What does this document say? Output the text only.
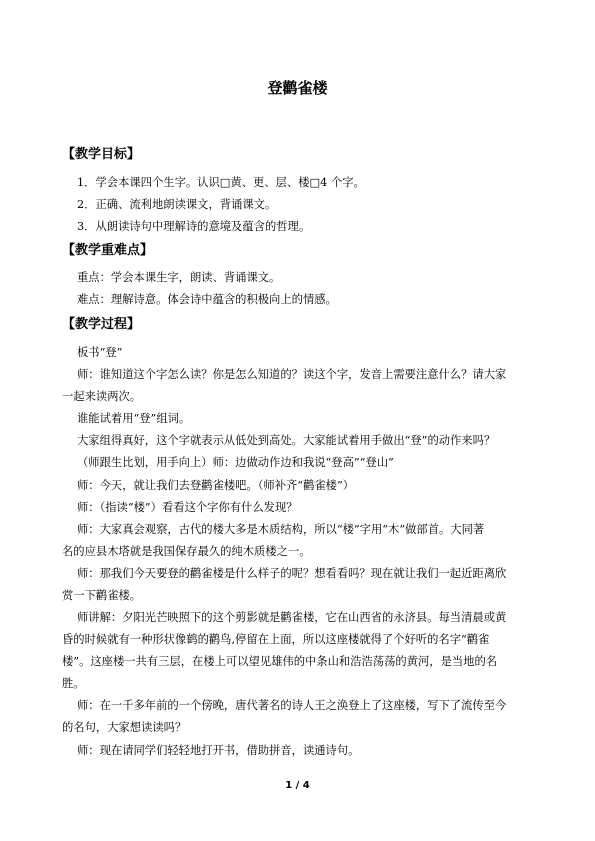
登鹳雀楼
【教学目标】
1．学会本课四个生字。认识□黄、更、层、楼□4 个字。
2．正确、流利地朗读课文，背诵课文。
3．从朗读诗句中理解诗的意境及蕴含的哲理。
【教学重难点】
重点：学会本课生字，朗读、背诵课文。
难点：理解诗意。体会诗中蕴含的积极向上的情感。
【教学过程】
板书“登”
师：谁知道这个字怎么读？你是怎么知道的？读这个字，发音上需要注意什么？请大家
一起来读两次。
谁能试着用“登”组词。
大家组得真好，这个字就表示从低处到高处。大家能试着用手做出“登”的动作来吗？
（师跟生比划，用手向上）师：边做动作边和我说“登高”“登山”
师：今天，就让我们去登鹳雀楼吧。（师补齐“鹳雀楼”）
师：（指读“楼”）看看这个字你有什么发现？
师：大家真会观察，古代的楼大多是木质结构，所以“楼”字用“木”做部首。大同著
名的应县木塔就是我国保存最久的纯木质楼之一。
师：那我们今天要登的鹳雀楼是什么样子的呢？想看看吗？现在就让我们一起近距离欣
赏一下鹳雀楼。
师讲解：夕阳光芒映照下的这个剪影就是鹳雀楼，它在山西省的永济县。每当清晨或黄
昏的时候就有一种形状像鹤的鹳鸟,停留在上面，所以这座楼就得了个好听的名字“鹳雀
楼”。这座楼一共有三层，在楼上可以望见雄伟的中条山和浩浩荡荡的黄河，是当地的名
胜。
师：在一千多年前的一个傍晚，唐代著名的诗人王之涣登上了这座楼，写下了流传至今
的名句，大家想读读吗？
师：现在请同学们轻轻地打开书，借助拼音，读通诗句。
1 / 4
